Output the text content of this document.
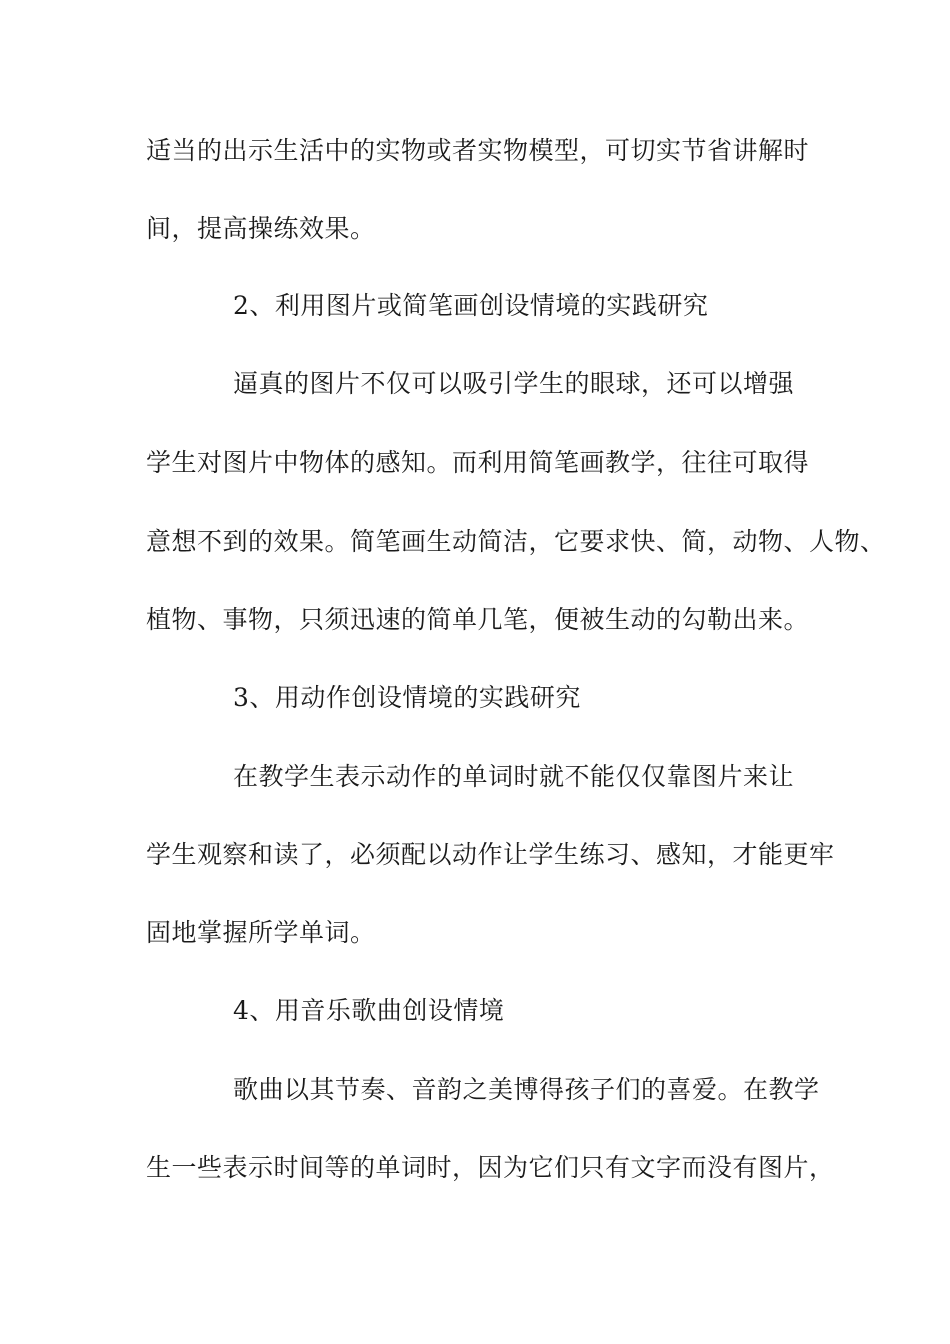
适当的出示生活中的实物或者实物模型，可切实节省讲解时
间，提高操练效果。
2、利用图片或简笔画创设情境的实践研究
逼真的图片不仅可以吸引学生的眼球，还可以增强
学生对图片中物体的感知。而利用简笔画教学，往往可取得
意想不到的效果。简笔画生动简洁，它要求快、简，动物、人物、
植物、事物，只须迅速的简单几笔，便被生动的勾勒出来。
3、用动作创设情境的实践研究
在教学生表示动作的单词时就不能仅仅靠图片来让
学生观察和读了，必须配以动作让学生练习、感知，才能更牢
固地掌握所学单词。
4、用音乐歌曲创设情境
歌曲以其节奏、音韵之美博得孩子们的喜爱。在教学
生一些表示时间等的单词时，因为它们只有文字而没有图片，
